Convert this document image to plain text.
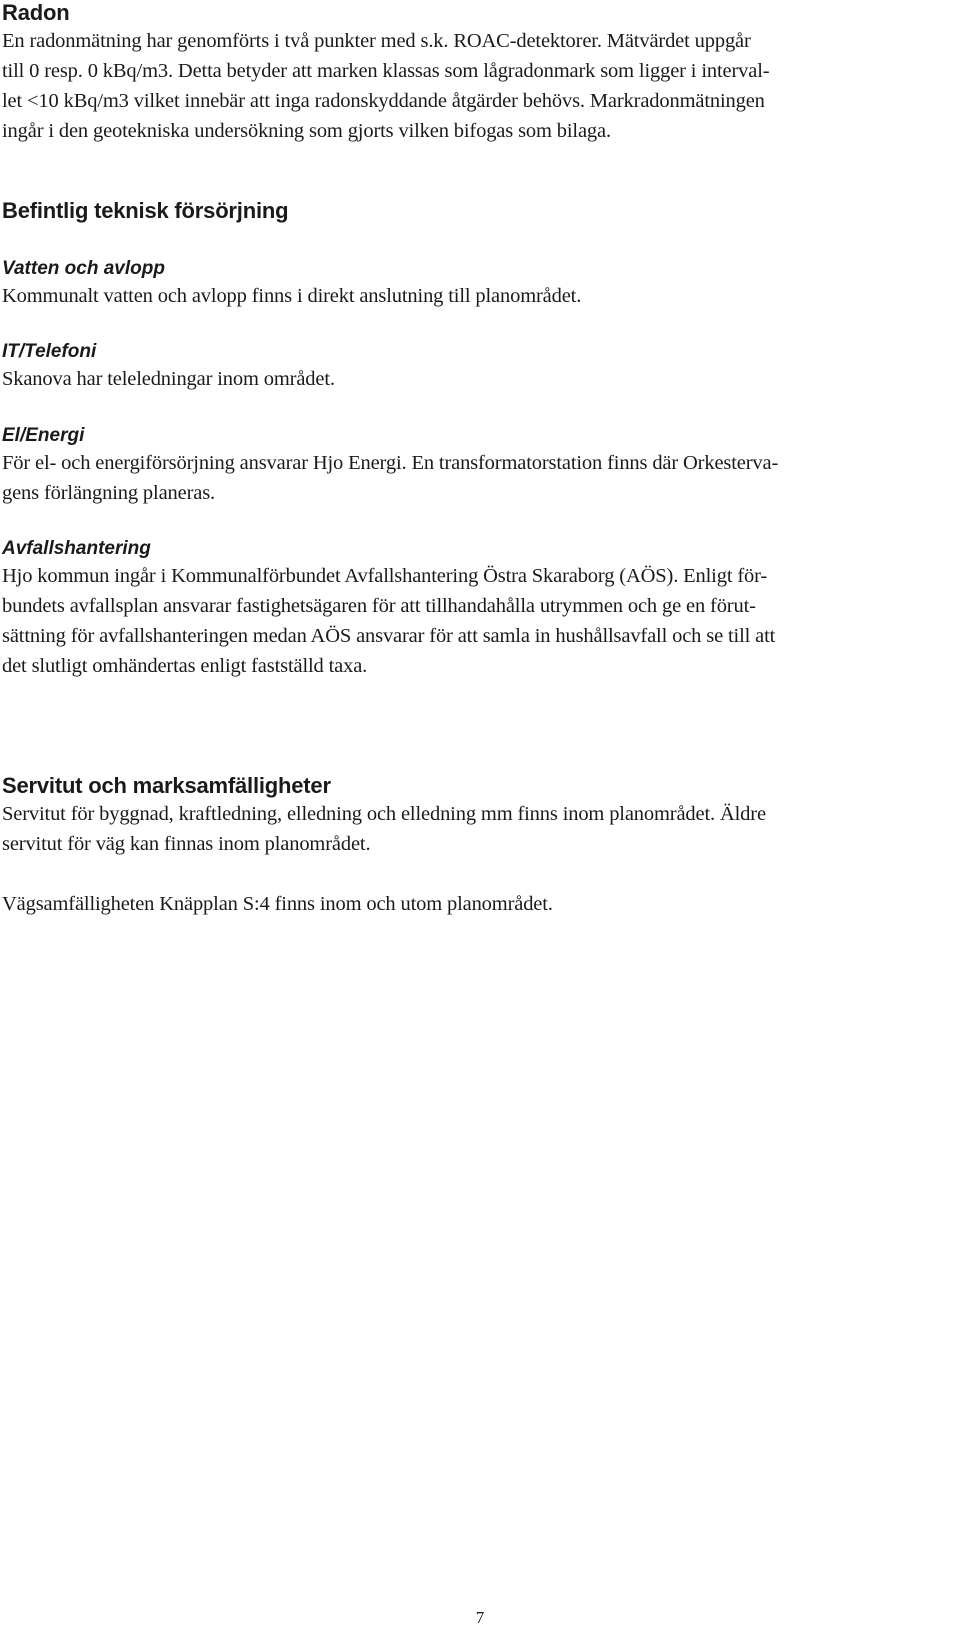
Radon
En radonmätning har genomförts i två punkter med s.k. ROAC-detektorer. Mätvärdet uppgår
till 0 resp. 0 kBq/m3. Detta betyder att marken klassas som lågradonmark som ligger i interval-
let <10 kBq/m3 vilket innebär att inga radonskyddande åtgärder behövs. Markradonmätningen
ingår i den geotekniska undersökning som gjorts vilken bifogas som bilaga.
Befintlig teknisk försörjning
Vatten och avlopp
Kommunalt vatten och avlopp finns i direkt anslutning till planområdet.
IT/Telefoni
Skanova har teleledningar inom området.
El/Energi
För el- och energiförsörjning ansvarar Hjo Energi. En transformatorstation finns där Orkesterva-
gens förlängning planeras.
Avfallshantering
Hjo kommun ingår i Kommunalförbundet Avfallshantering Östra Skaraborg (AÖS). Enligt för-
bundets avfallsplan ansvarar fastighetsägaren för att tillhandahålla utrymmen och ge en förut-
sättning för avfallshanteringen medan AÖS ansvarar för att samla in hushållsavfall och se till att
det slutligt omhändertas enligt fastställd taxa.
Servitut och marksamfälligheter
Servitut för byggnad, kraftledning, elledning och elledning mm finns inom planområdet. Äldre
servitut för väg kan finnas inom planområdet.
Vägsamfälligheten Knäpplan S:4 finns inom och utom planområdet.
7
